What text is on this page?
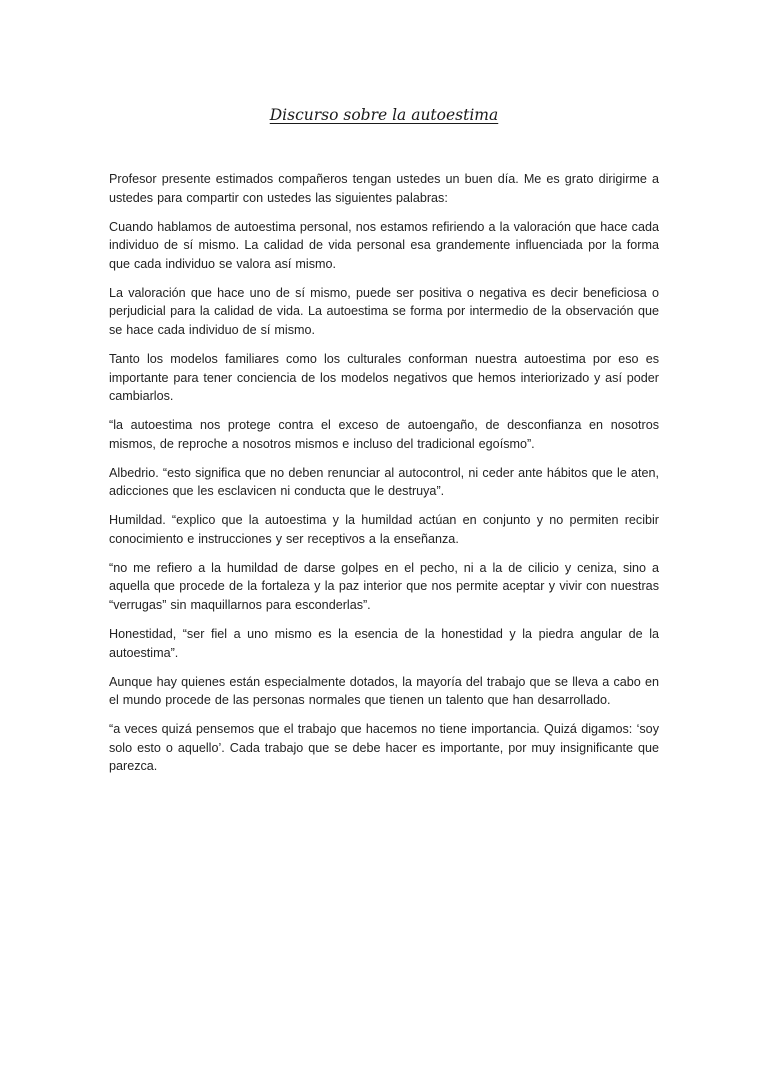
Discurso sobre la autoestima

Profesor presente estimados compañeros tengan ustedes un buen día. Me es grato dirigirme a ustedes para compartir con ustedes las siguientes palabras:

Cuando hablamos de autoestima personal, nos estamos refiriendo a la valoración que hace cada individuo de sí mismo. La calidad de vida personal esa grandemente influenciada por la forma que cada individuo se valora así mismo.

La valoración que hace uno de sí mismo, puede ser positiva o negativa es decir beneficiosa o perjudicial para la calidad de vida. La autoestima se forma por intermedio de la observación que se hace cada individuo de sí mismo.

Tanto los modelos familiares como los culturales conforman nuestra autoestima por eso es importante para tener conciencia de los modelos negativos que hemos interiorizado y así poder cambiarlos.

“la autoestima nos protege contra el exceso de autoengaño, de desconfianza en nosotros mismos, de reproche a nosotros mismos e incluso del tradicional egoísmo”.

Albedrio. “esto significa que no deben renunciar al autocontrol, ni ceder ante hábitos que le aten, adicciones que les esclavicen ni conducta que le destruya”.

Humildad. “explico que la autoestima y la humildad actúan en conjunto y no permiten recibir conocimiento e instrucciones y ser receptivos a la enseñanza.

“no me refiero a la humildad de darse golpes en el pecho, ni a la de cilicio y ceniza, sino a aquella que procede de la fortaleza y la paz interior que nos permite aceptar y vivir con nuestras “verrugas” sin maquillarnos para esconderlas”.

Honestidad, “ser fiel a uno mismo es la esencia de la honestidad y la piedra angular de la autoestima”.

Aunque hay quienes están especialmente dotados, la mayoría del trabajo que se lleva a cabo en el mundo procede de las personas normales que tienen un talento que han desarrollado.

“a veces quizá pensemos que el trabajo que hacemos no tiene importancia. Quizá digamos: ‘soy solo esto o aquello’. Cada trabajo que se debe hacer es importante, por muy insignificante que parezca.
